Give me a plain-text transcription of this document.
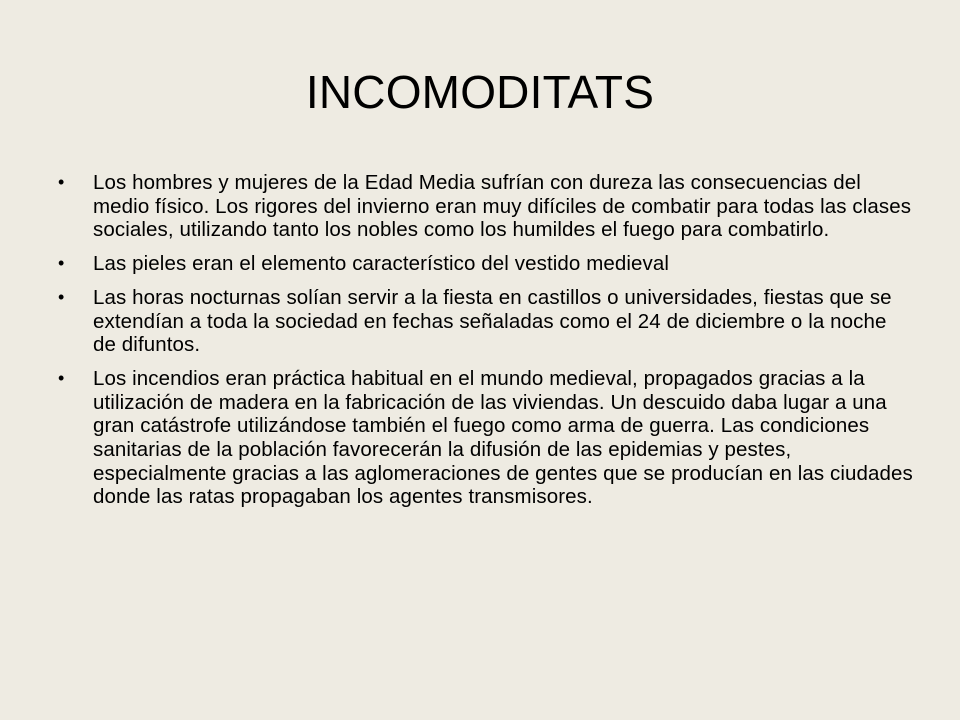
INCOMODITATS
• Los hombres y mujeres de la Edad Media sufrían con dureza las consecuencias del medio físico. Los rigores del invierno eran muy difíciles de combatir para todas las clases sociales, utilizando tanto los nobles como los humildes el fuego para combatirlo.
• Las pieles eran el elemento característico del vestido medieval
• Las horas nocturnas solían servir a la fiesta en castillos o universidades, fiestas que se extendían a toda la sociedad en fechas señaladas como el 24 de diciembre o la noche de difuntos.
• Los incendios eran práctica habitual en el mundo medieval, propagados gracias a la utilización de madera en la fabricación de las viviendas. Un descuido daba lugar a una gran catástrofe utilizándose también el fuego como arma de guerra. Las condiciones sanitarias de la población favorecerán la difusión de las epidemias y pestes, especialmente gracias a las aglomeraciones de gentes que se producían en las ciudades donde las ratas propagaban los agentes transmisores.
